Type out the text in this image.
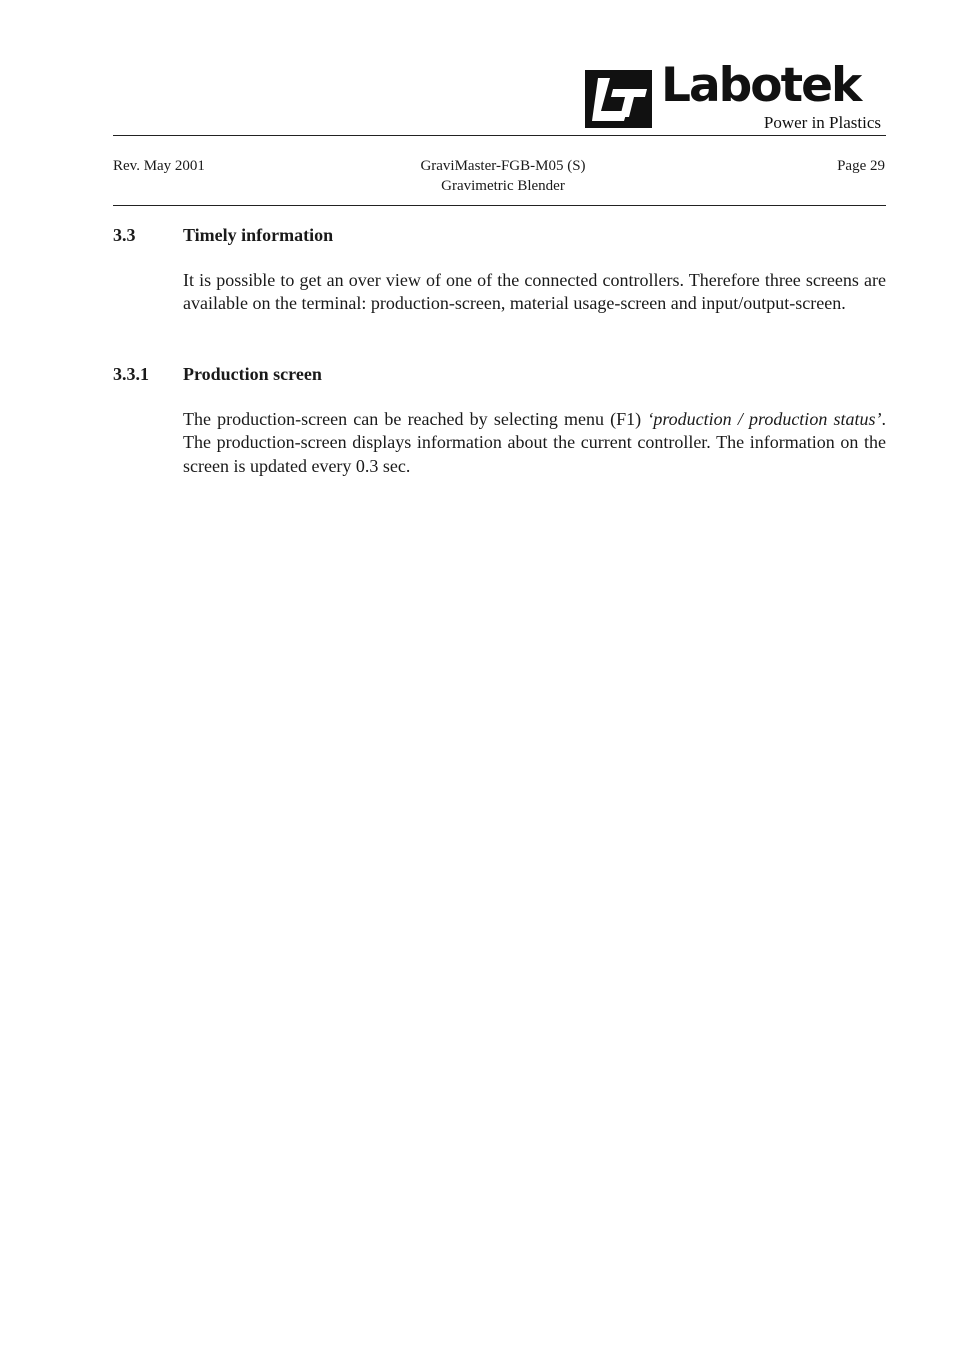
Labotek
Power in Plastics
Rev. May 2001	GraviMaster-FGB-M05 (S)
Gravimetric Blender
Page 29
3.3	Timely information
It is possible to get an over view of one of the connected controllers. Therefore three screens are available on the terminal: production-screen, material usage-screen and input/output-screen.
3.3.1 Production screen
The production-screen can be reached by selecting menu (F1) ‘production / production status’. The production-screen displays information about the current controller. The information on the screen is updated every 0.3 sec.
